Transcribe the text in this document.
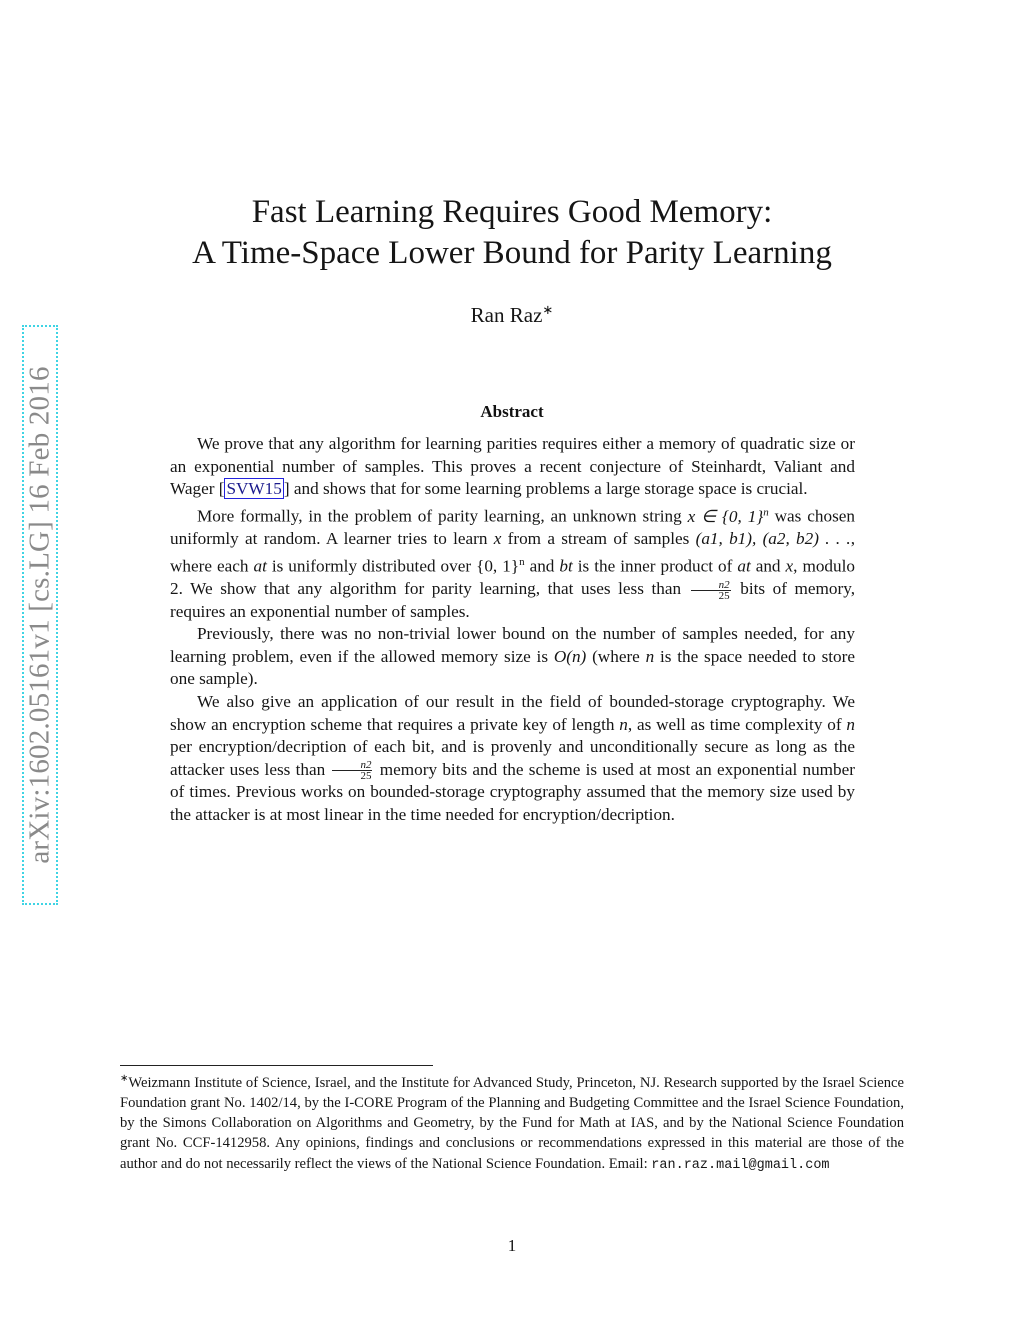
arXiv:1602.05161v1 [cs.LG] 16 Feb 2016
Fast Learning Requires Good Memory:
A Time-Space Lower Bound for Parity Learning
Ran Raz∗
Abstract

We prove that any algorithm for learning parities requires either a memory of quadratic size or an exponential number of samples. This proves a recent conjecture of Steinhardt, Valiant and Wager [ SVW15 ] and shows that for some learning problems a large storage space is crucial.

More formally, in the problem of parity learning, an unknown string x ∈ {0, 1}$^n$ was chosen uniformly at random. A learner tries to learn x from a stream of samples (a1, b1), (a2, b2) . . ., where each at is uniformly distributed over {0, 1}$^n$ and bt is the inner product of at and x, modulo 2. We show that any algorithm for parity learning, that uses less than $\frac{n2}{25}$ bits of memory, requires an exponential number of samples.

Previously, there was no non-trivial lower bound on the number of samples needed, for any learning problem, even if the allowed memory size is O(n) (where n is the space needed to store one sample).

We also give an application of our result in the field of bounded-storage cryptography. We show an encryption scheme that requires a private key of length n, as well as time complexity of n per encryption/decription of each bit, and is provenly and unconditionally secure as long as the attacker uses less than $\frac{n2}{25}$ memory bits and the scheme is used at most an exponential number of times. Previous works on bounded-storage cryptography assumed that the memory size used by the attacker is at most linear in the time needed for encryption/decription.

∗Weizmann Institute of Science, Israel, and the Institute for Advanced Study, Princeton, NJ. Research supported by the Israel Science Foundation grant No. 1402/14, by the I-CORE Program of the Planning and Budgeting Committee and the Israel Science Foundation, by the Simons Collaboration on Algorithms and Geometry, by the Fund for Math at IAS, and by the National Science Foundation grant No. CCF-1412958. Any opinions, findings and conclusions or recommendations expressed in this material are those of the author and do not necessarily reflect the views of the National Science Foundation. Email: ran.raz.mail@gmail.com
1
